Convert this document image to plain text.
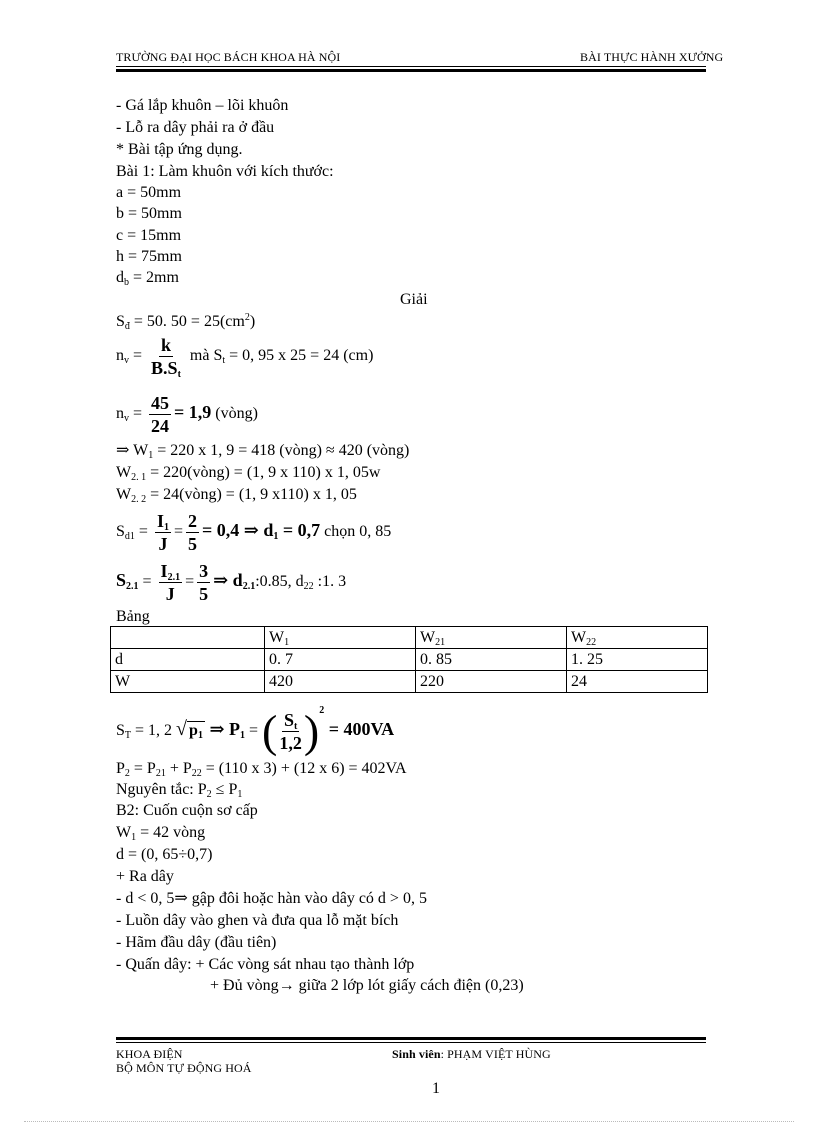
TRƯỜNG ĐẠI HỌC BÁCH KHOA HÀ NỘI	BÀI THỰC HÀNH XƯỞNG
- Gá lắp khuôn – lõi khuôn
- Lỗ ra dây phải ra ở đầu
* Bài tập ứng dụng.
Bài 1: Làm khuôn với kích thước:
a = 50mm
b = 50mm
c = 15mm
h = 75mm
$d_b = 2mm$
Giải
$S_đ = 50$. $50 = 25(cm^2)$
$n_v = \frac{k}{B.S_t}$ mà $S_t = 0$, 95 x 25 = 24 (cm)
$n_v = \frac{45}{24} = 1,9$ (vòng)
⇒ $W_1 = 220$ x 1, 9 = 418 (vòng) ≈ 420 (vòng)
$W_{2. 1}$ = 220(vòng) = (1, 9 x 110) x 1, 05w
$W_{2. 2}$ = 24(vòng) = (1, 9 x110) x 1, 05
$S_{d1} = \frac{I_1}{J} = \frac{2}{5} = 0,4$ ⇒ $d_1 = 0,7$ chọn 0, 85
$S_{2.1} = \frac{I_{2.1}}{J} = \frac{3}{5}$ ⇒ $d_{2.1}:0.85$, $d_{22}$ :1. 3
Bảng
	$W_1$	$W_{21}$	$W_{22}$
d	0. 7	0. 85	1. 25
W	420	220	24
$S_T = 1$, 2 √ $p_1$ ⇒ $P_1$ = ( $\frac{S_t}{1,2} )^2 = 400VA$
$P_2 = P_{21} + P_{22} = (110$ x 3) + (12 x 6) = 402VA
Nguyên tắc: $P_2 \le P_1$
B2: Cuốn cuộn sơ cấp
$W_1 = 42$ vòng
d = (0, 65÷0,7)
+ Ra dây
- d < 0, 5⇒ gập đôi hoặc hàn vào dây có d > 0, 5
- Luồn dây vào ghen và đưa qua lỗ mặt bích
- Hãm đầu dây (đầu tiên)
- Quấn dây: + Các vòng sát nhau tạo thành lớp
+ Đủ vòng→ giữa 2 lớp lót giấy cách điện (0,23)
KHOA ĐIỆN
BỘ MÔN TỰ ĐỘNG HOÁ
Sinh viên: PHẠM VIỆT HÙNG
1
